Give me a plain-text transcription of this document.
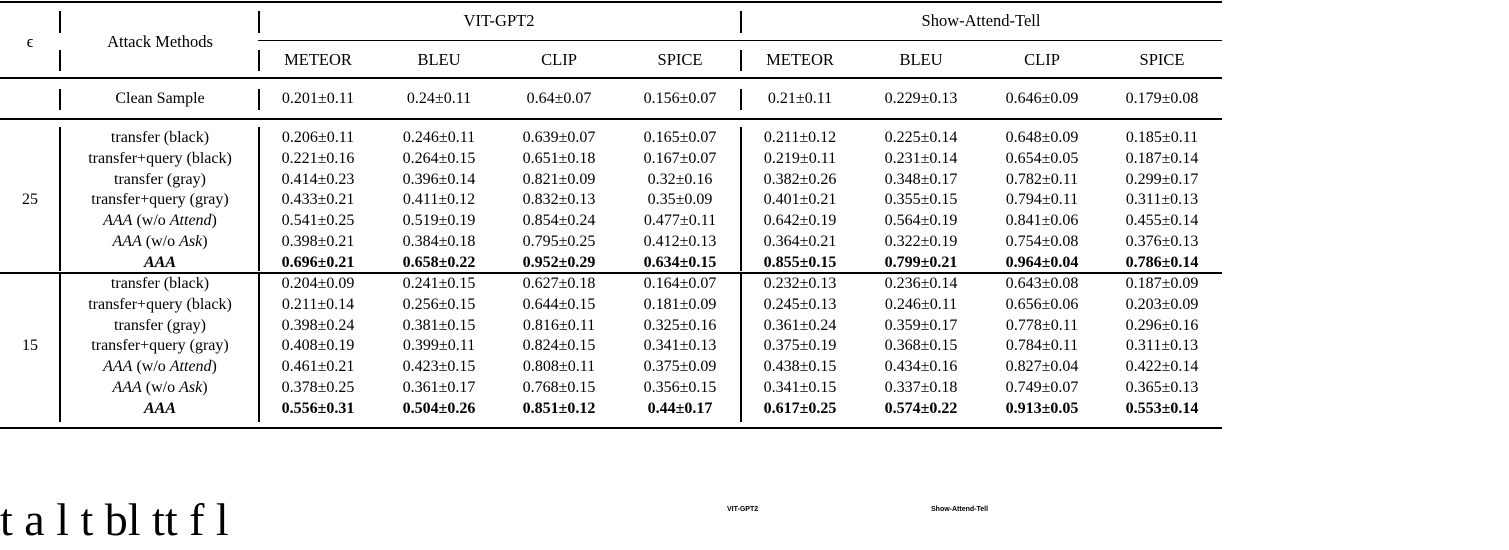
ϵ	Attack Methods
VIT-GPT2	Show-Attend-Tell
METEOR	BLEU	CLIP	SPICE	METEOR	BLEU	CLIP	SPICE
Clean Sample	0.201±0.11	0.24±0.11	0.64±0.07	0.156±0.07	0.21±0.11	0.229±0.13	0.646±0.09	0.179±0.08
25
transfer (black)	0.206±0.11	0.246±0.11	0.639±0.07	0.165±0.07	0.211±0.12	0.225±0.14	0.648±0.09	0.185±0.11
transfer+query (black)	0.221±0.16	0.264±0.15	0.651±0.18	0.167±0.07	0.219±0.11	0.231±0.14	0.654±0.05	0.187±0.14
transfer (gray)	0.414±0.23	0.396±0.14	0.821±0.09	0.32±0.16	0.382±0.26	0.348±0.17	0.782±0.11	0.299±0.17
transfer+query (gray)	0.433±0.21	0.411±0.12	0.832±0.13	0.35±0.09	0.401±0.21	0.355±0.15	0.794±0.11	0.311±0.13
AAA (w/o Attend)	0.541±0.25	0.519±0.19	0.854±0.24	0.477±0.11	0.642±0.19	0.564±0.19	0.841±0.06	0.455±0.14
AAA (w/o Ask)	0.398±0.21	0.384±0.18	0.795±0.25	0.412±0.13	0.364±0.21	0.322±0.19	0.754±0.08	0.376±0.13
AAA	0.696±0.21	0.658±0.22	0.952±0.29	0.634±0.15	0.855±0.15	0.799±0.21	0.964±0.04	0.786±0.14
15
transfer (black)	0.204±0.09	0.241±0.15	0.627±0.18	0.164±0.07	0.232±0.13	0.236±0.14	0.643±0.08	0.187±0.09
transfer+query (black)	0.211±0.14	0.256±0.15	0.644±0.15	0.181±0.09	0.245±0.13	0.246±0.11	0.656±0.06	0.203±0.09
transfer (gray)	0.398±0.24	0.381±0.15	0.816±0.11	0.325±0.16	0.361±0.24	0.359±0.17	0.778±0.11	0.296±0.16
transfer+query (gray)	0.408±0.19	0.399±0.11	0.824±0.15	0.341±0.13	0.375±0.19	0.368±0.15	0.784±0.11	0.311±0.13
AAA (w/o Attend)	0.461±0.21	0.423±0.15	0.808±0.11	0.375±0.09	0.438±0.15	0.434±0.16	0.827±0.04	0.422±0.14
AAA (w/o Ask)	0.378±0.25	0.361±0.17	0.768±0.15	0.356±0.15	0.341±0.15	0.337±0.18	0.749±0.07	0.365±0.13
AAA	0.556±0.31	0.504±0.26	0.851±0.12	0.44±0.17	0.617±0.25	0.574±0.22	0.913±0.05	0.553±0.14
t a l t bl tt f l	VIT-GPT2	Show-Attend-Tell
